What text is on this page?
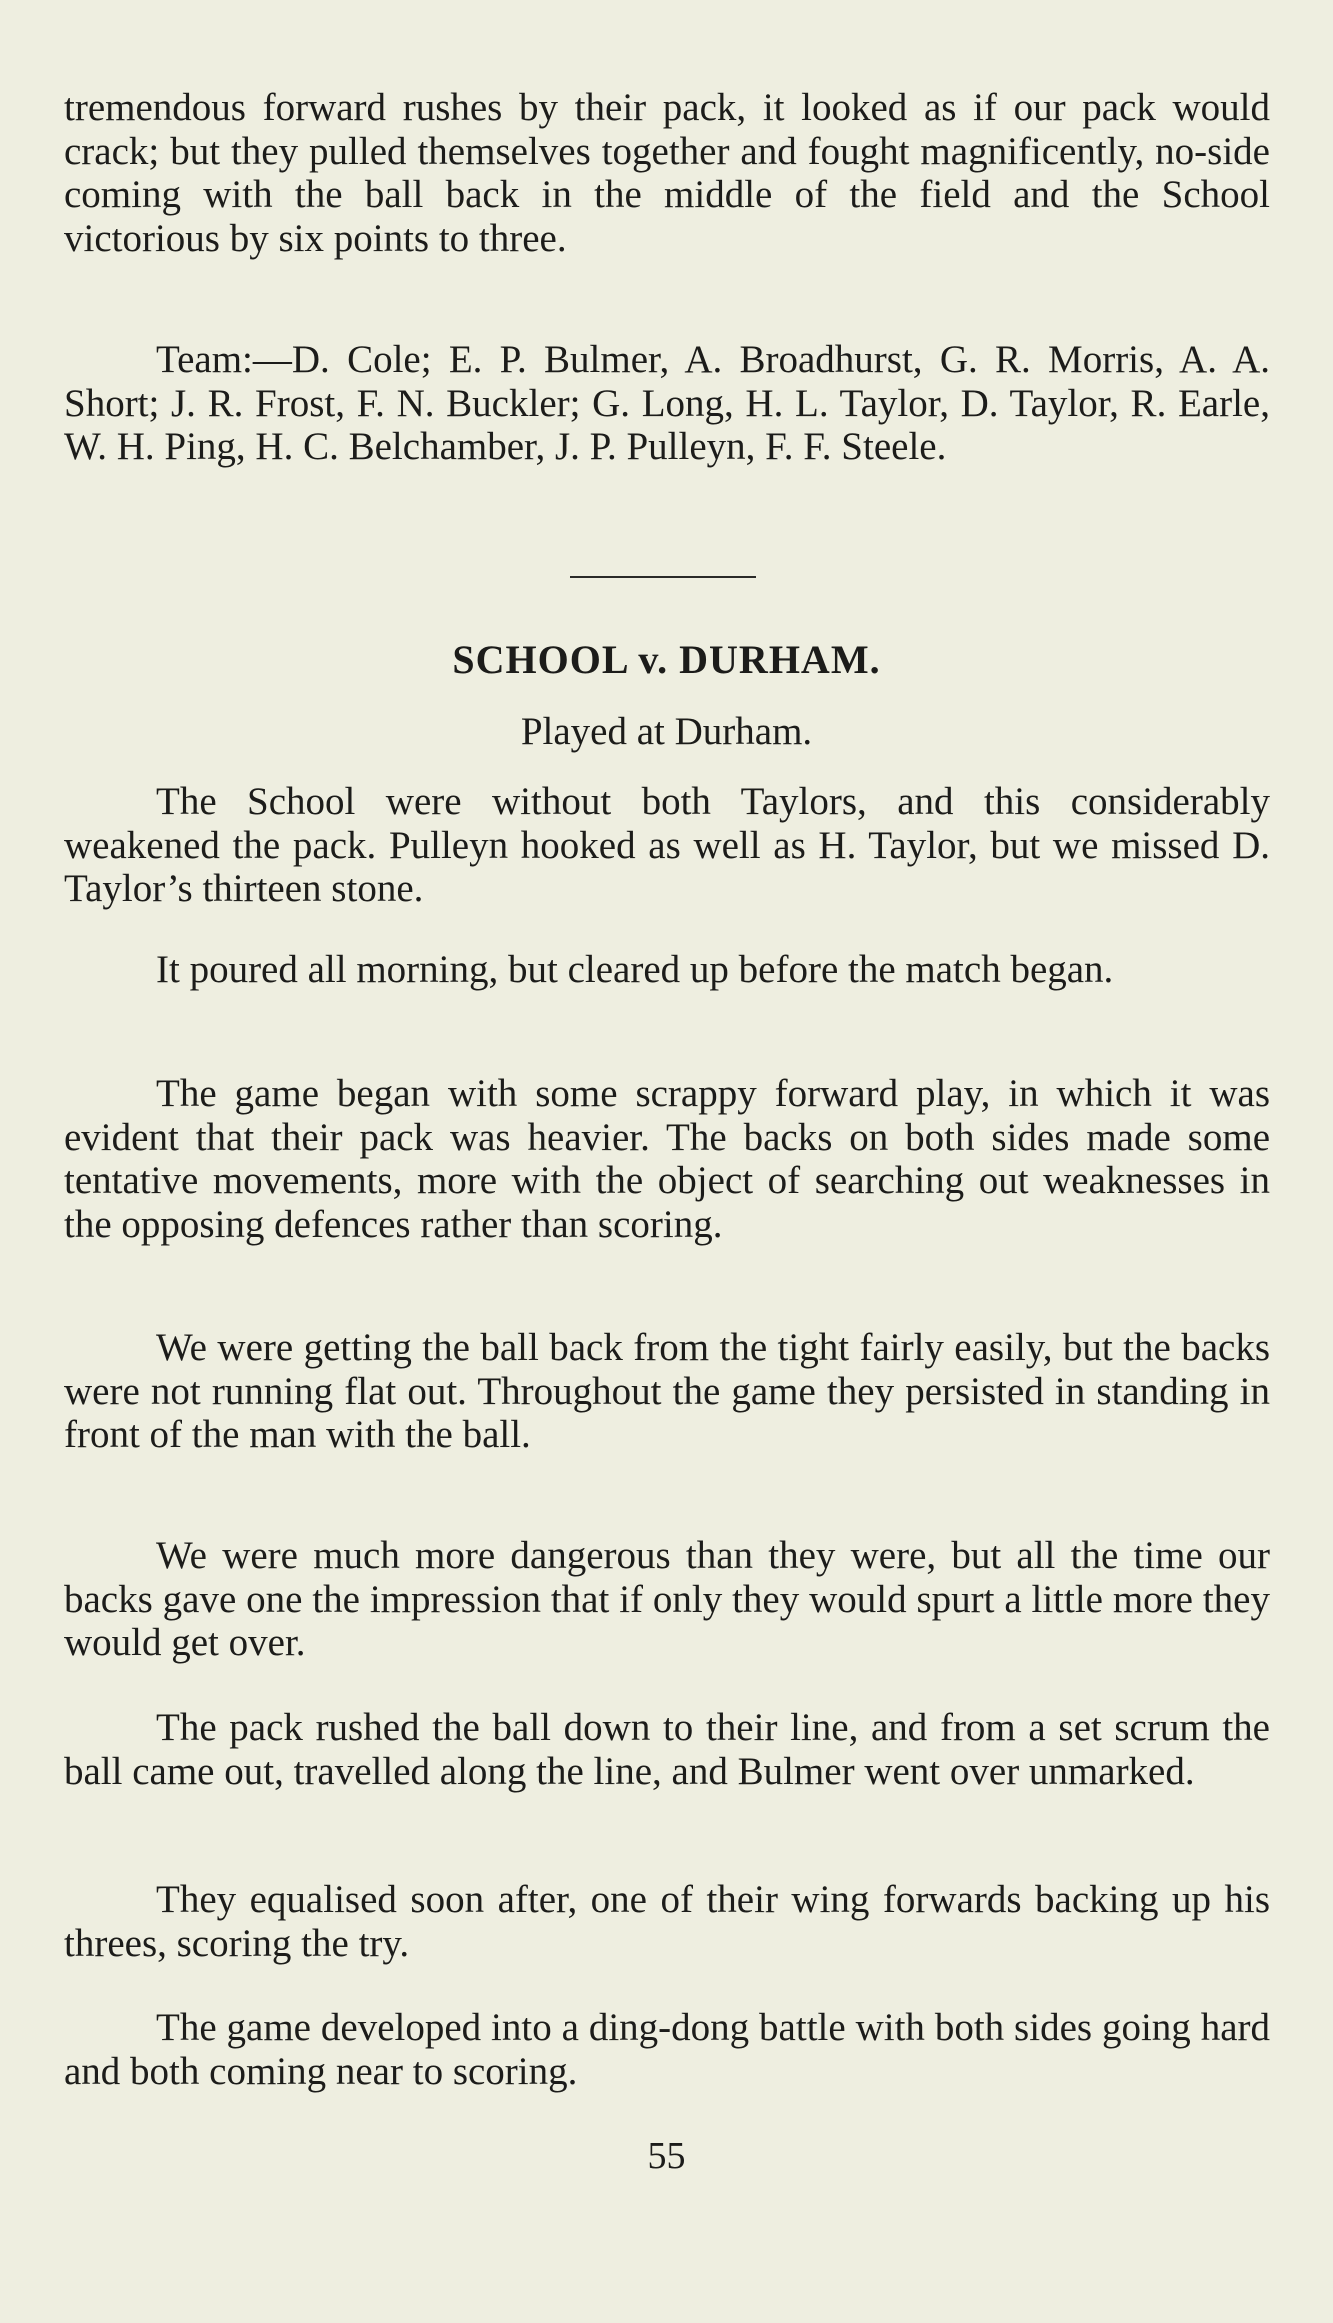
tremendous forward rushes by their pack, it looked as if our pack would crack; but they pulled themselves together and fought magnificently, no-side coming with the ball back in the middle of the field and the School victorious by six points to three.

Team:—D. Cole; E. P. Bulmer, A. Broadhurst, G. R. Morris, A. A. Short; J. R. Frost, F. N. Buckler; G. Long, H. L. Taylor, D. Taylor, R. Earle, W. H. Ping, H. C. Belchamber, J. P. Pulleyn, F. F. Steele.

SCHOOL v. DURHAM.

Played at Durham.

The School were without both Taylors, and this considerably weakened the pack. Pulleyn hooked as well as H. Taylor, but we missed D. Taylor’s thirteen stone.

It poured all morning, but cleared up before the match began.

The game began with some scrappy forward play, in which it was evident that their pack was heavier. The backs on both sides made some tentative movements, more with the object of searching out weaknesses in the opposing defences rather than scoring.

We were getting the ball back from the tight fairly easily, but the backs were not running flat out. Throughout the game they persisted in standing in front of the man with the ball.

We were much more dangerous than they were, but all the time our backs gave one the impression that if only they would spurt a little more they would get over.

The pack rushed the ball down to their line, and from a set scrum the ball came out, travelled along the line, and Bulmer went over unmarked.

They equalised soon after, one of their wing forwards backing up his threes, scoring the try.

The game developed into a ding-dong battle with both sides going hard and both coming near to scoring.

55
